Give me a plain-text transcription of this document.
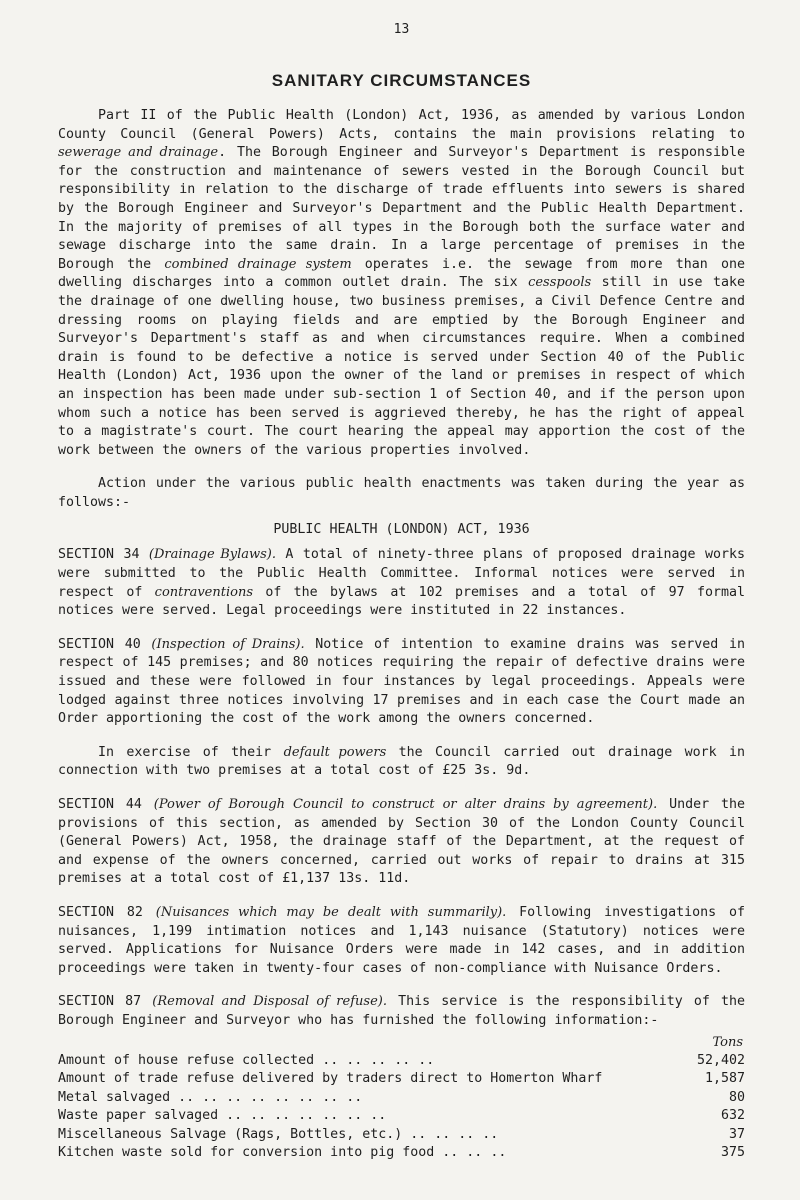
13
SANITARY CIRCUMSTANCES

Part II of the Public Health (London) Act, 1936, as amended by various London County Council (General Powers) Acts, contains the main provisions relating to sewerage and drainage. The Borough Engineer and Surveyor's Department is responsible for the construction and maintenance of sewers vested in the Borough Council but responsibility in relation to the discharge of trade effluents into sewers is shared by the Borough Engineer and Surveyor's Department and the Public Health Department. In the majority of premises of all types in the Borough both the surface water and sewage discharge into the same drain. In a large percentage of premises in the Borough the combined drainage system operates i.e. the sewage from more than one dwelling discharges into a common outlet drain. The six cesspools still in use take the drainage of one dwelling house, two business premises, a Civil Defence Centre and dressing rooms on playing fields and are emptied by the Borough Engineer and Surveyor's Department's staff as and when circumstances require. When a combined drain is found to be defective a notice is served under Section 40 of the Public Health (London) Act, 1936 upon the owner of the land or premises in respect of which an inspection has been made under sub-section 1 of Section 40, and if the person upon whom such a notice has been served is aggrieved thereby, he has the right of appeal to a magistrate's court. The court hearing the appeal may apportion the cost of the work between the owners of the various properties involved.

Action under the various public health enactments was taken during the year as follows:-

PUBLIC HEALTH (LONDON) ACT, 1936

SECTION 34 (Drainage Bylaws). A total of ninety-three plans of proposed drainage works were submitted to the Public Health Committee. Informal notices were served in respect of contraventions of the bylaws at 102 premises and a total of 97 formal notices were served. Legal proceedings were instituted in 22 instances.

SECTION 40 (Inspection of Drains). Notice of intention to examine drains was served in respect of 145 premises; and 80 notices requiring the repair of defective drains were issued and these were followed in four instances by legal proceedings. Appeals were lodged against three notices involving 17 premises and in each case the Court made an Order apportioning the cost of the work among the owners concerned.

In exercise of their default powers the Council carried out drainage work in connection with two premises at a total cost of £25 3s. 9d.

SECTION 44 (Power of Borough Council to construct or alter drains by agreement). Under the provisions of this section, as amended by Section 30 of the London County Council (General Powers) Act, 1958, the drainage staff of the Department, at the request of and expense of the owners concerned, carried out works of repair to drains at 315 premises at a total cost of £1,137 13s. 11d.

SECTION 82 (Nuisances which may be dealt with summarily). Following investigations of nuisances, 1,199 intimation notices and 1,143 nuisance (Statutory) notices were served. Applications for Nuisance Orders were made in 142 cases, and in addition proceedings were taken in twenty-four cases of non-compliance with Nuisance Orders.

SECTION 87 (Removal and Disposal of refuse). This service is the responsibility of the Borough Engineer and Surveyor who has furnished the following information:-

Tons
Amount of house refuse collected .. .. .. .. ..	52,402
Amount of trade refuse delivered by traders direct to Homerton Wharf	1,587
Metal salvaged .. .. .. .. .. .. .. ..	80
Waste paper salvaged .. .. .. .. .. .. ..	632
Miscellaneous Salvage (Rags, Bottles, etc.) .. .. .. ..	37
Kitchen waste sold for conversion into pig food .. .. ..	375
